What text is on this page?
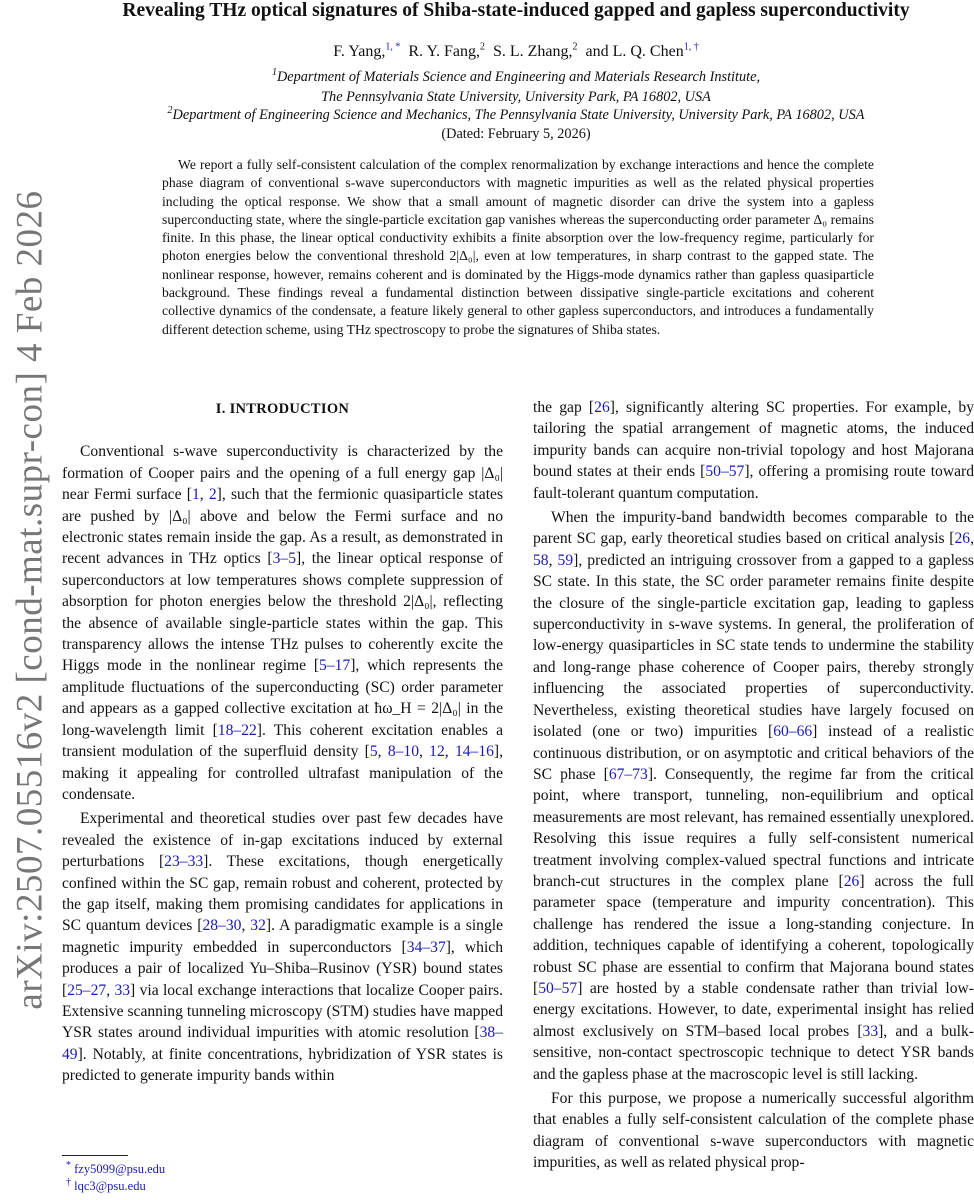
arXiv:2507.05516v2 [cond-mat.supr-con] 4 Feb 2026
Revealing THz optical signatures of Shiba-state-induced gapped and gapless superconductivity
F. Yang,$^{1, *}$ R. Y. Fang,$^2$ S. L. Zhang,$^2$ and L. Q. Chen$^{1, \dagger}$
$^1$Department of Materials Science and Engineering and Materials Research Institute,
The Pennsylvania State University, University Park, PA 16802, USA
$^2$Department of Engineering Science and Mechanics, The Pennsylvania State University, University Park, PA 16802, USA
(Dated: February 5, 2026)

We report a fully self-consistent calculation of the complex renormalization by exchange interactions and hence the complete phase diagram of conventional s-wave superconductors with magnetic impurities as well as the related physical properties including the optical response. We show that a small amount of magnetic disorder can drive the system into a gapless superconducting state, where the single-particle excitation gap vanishes whereas the superconducting order parameter Δ₀ remains finite. In this phase, the linear optical conductivity exhibits a finite absorption over the low-frequency regime, particularly for photon energies below the conventional threshold 2|Δ₀|, even at low temperatures, in sharp contrast to the gapped state. The nonlinear response, however, remains coherent and is dominated by the Higgs-mode dynamics rather than gapless quasiparticle background. These findings reveal a fundamental distinction between dissipative single-particle excitations and coherent collective dynamics of the condensate, a feature likely general to other gapless superconductors, and introduces a fundamentally different detection scheme, using THz spectroscopy to probe the signatures of Shiba states.

I. INTRODUCTION

Conventional s-wave superconductivity is characterized by the formation of Cooper pairs and the opening of a full energy gap |Δ₀| near Fermi surface [1, 2], such that the fermionic quasiparticle states are pushed by |Δ₀| above and below the Fermi surface and no electronic states remain inside the gap. As a result, as demonstrated in recent advances in THz optics [3–5], the linear optical response of superconductors at low temperatures shows complete suppression of absorption for photon energies below the threshold 2|Δ₀|, reflecting the absence of available single-particle states within the gap. This transparency allows the intense THz pulses to coherently excite the Higgs mode in the nonlinear regime [5–17], which represents the amplitude fluctuations of the superconducting (SC) order parameter and appears as a gapped collective excitation at ħω_H = 2|Δ₀| in the long-wavelength limit [18–22]. This coherent excitation enables a transient modulation of the superfluid density [5, 8–10, 12, 14–16], making it appealing for controlled ultrafast manipulation of the condensate.

Experimental and theoretical studies over past few decades have revealed the existence of in-gap excitations induced by external perturbations [23–33]. These excitations, though energetically confined within the SC gap, remain robust and coherent, protected by the gap itself, making them promising candidates for applications in SC quantum devices [28–30, 32]. A paradigmatic example is a single magnetic impurity embedded in superconductors [34–37], which produces a pair of localized Yu–Shiba–Rusinov (YSR) bound states [25–27, 33] via local exchange interactions that localize Cooper pairs. Extensive scanning tunneling microscopy (STM) studies have mapped YSR states around individual impurities with atomic resolution [38–49]. Notably, at finite concentrations, hybridization of YSR states is predicted to generate impurity bands within

the gap [26], significantly altering SC properties. For example, by tailoring the spatial arrangement of magnetic atoms, the induced impurity bands can acquire non-trivial topology and host Majorana bound states at their ends [50–57], offering a promising route toward fault-tolerant quantum computation.

When the impurity-band bandwidth becomes comparable to the parent SC gap, early theoretical studies based on critical analysis [26, 58, 59], predicted an intriguing crossover from a gapped to a gapless SC state. In this state, the SC order parameter remains finite despite the closure of the single-particle excitation gap, leading to gapless superconductivity in s-wave systems. In general, the proliferation of low-energy quasiparticles in SC state tends to undermine the stability and long-range phase coherence of Cooper pairs, thereby strongly influencing the associated properties of superconductivity. Nevertheless, existing theoretical studies have largely focused on isolated (one or two) impurities [60–66] instead of a realistic continuous distribution, or on asymptotic and critical behaviors of the SC phase [67–73]. Consequently, the regime far from the critical point, where transport, tunneling, non-equilibrium and optical measurements are most relevant, has remained essentially unexplored. Resolving this issue requires a fully self-consistent numerical treatment involving complex-valued spectral functions and intricate branch-cut structures in the complex plane [26] across the full parameter space (temperature and impurity concentration). This challenge has rendered the issue a long-standing conjecture. In addition, techniques capable of identifying a coherent, topologically robust SC phase are essential to confirm that Majorana bound states [50–57] are hosted by a stable condensate rather than trivial low-energy excitations. However, to date, experimental insight has relied almost exclusively on STM–based local probes [33], and a bulk-sensitive, non-contact spectroscopic technique to detect YSR bands and the gapless phase at the macroscopic level is still lacking.

For this purpose, we propose a numerically successful algorithm that enables a fully self-consistent calculation of the complete phase diagram of conventional s-wave superconductors with magnetic impurities, as well as related physical prop-

* fzy5099@psu.edu
† lqc3@psu.edu
